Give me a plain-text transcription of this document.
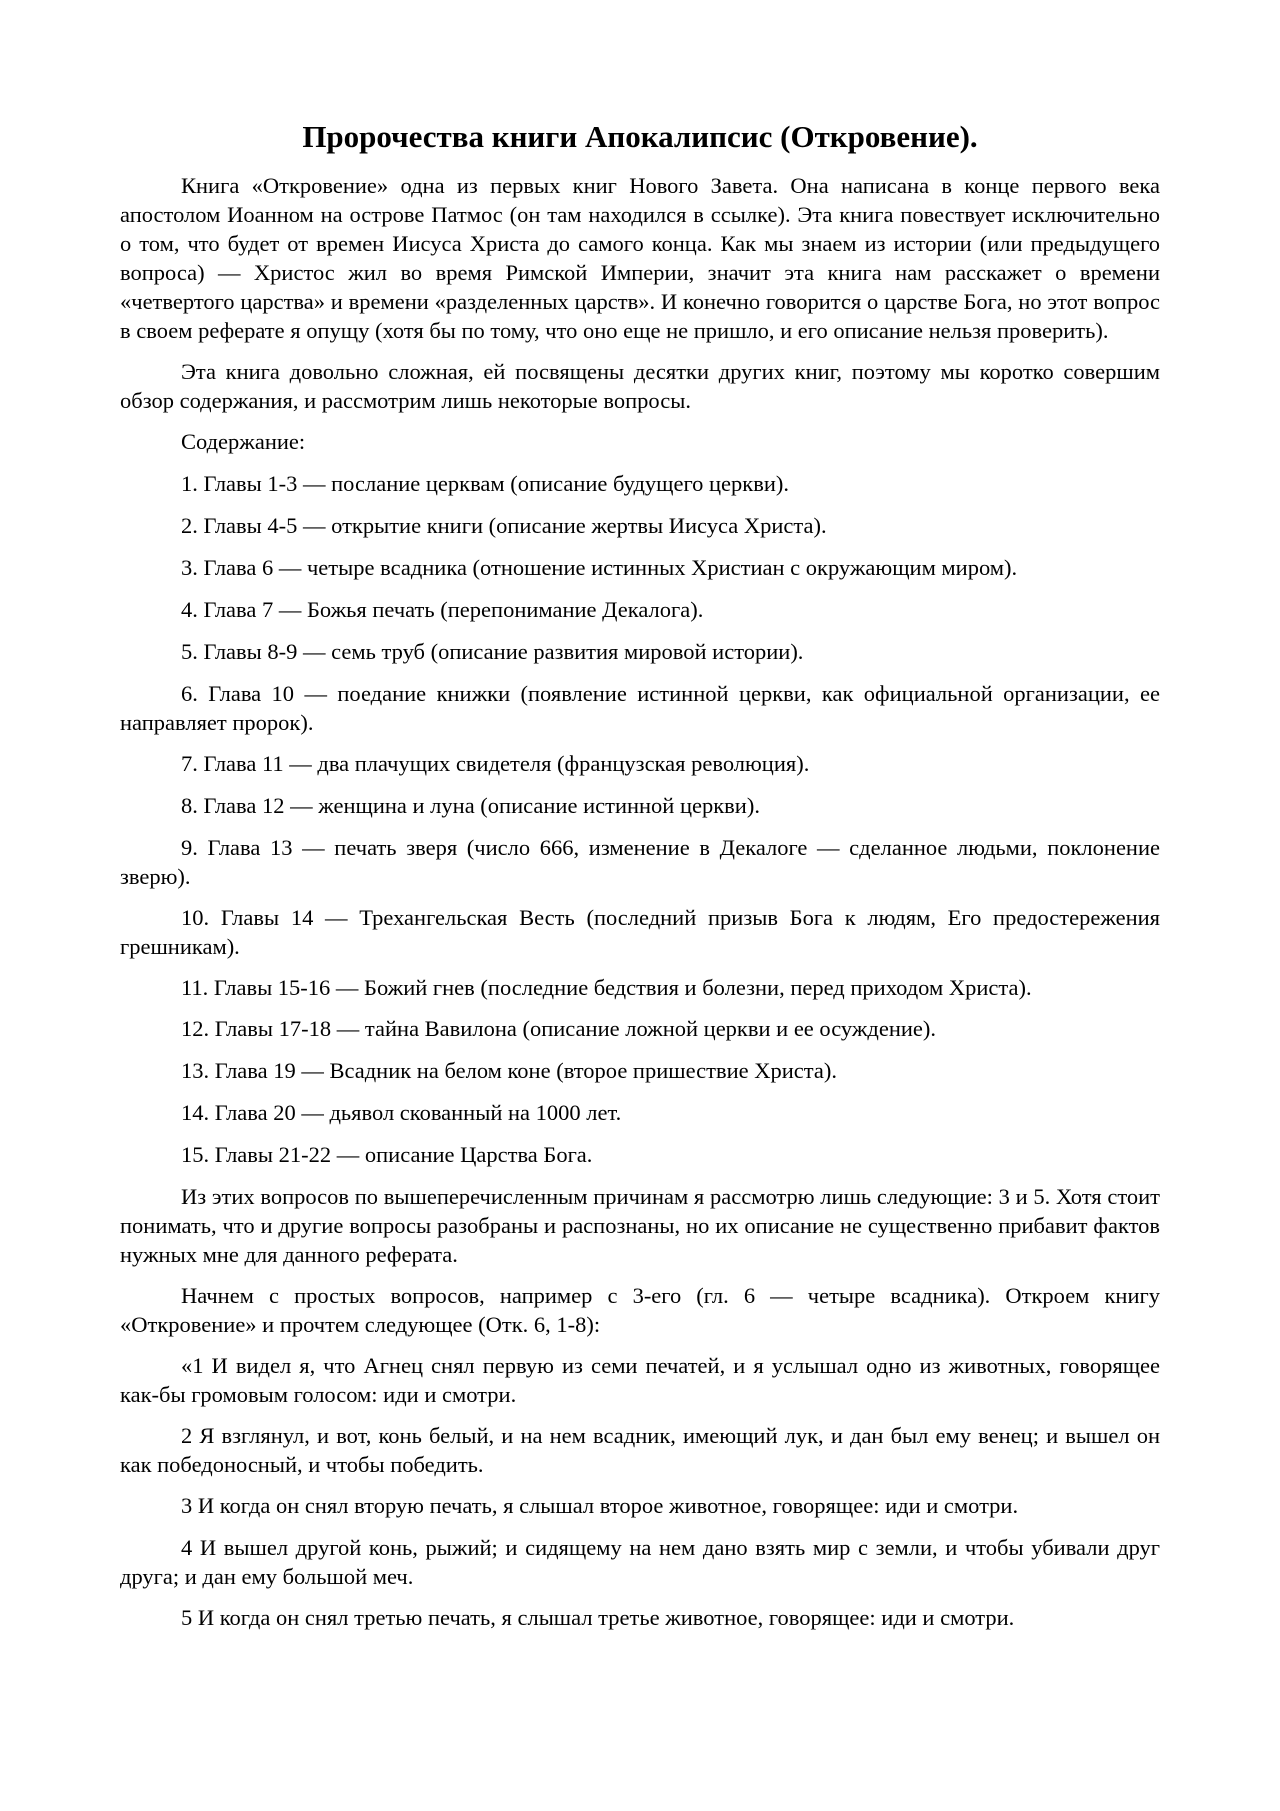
Пророчества книги Апокалипсис (Откровение).

Книга «Откровение» одна из первых книг Нового Завета. Она написана в конце первого века апостолом Иоанном на острове Патмос (он там находился в ссылке). Эта книга повествует исключительно о том, что будет от времен Иисуса Христа до самого конца. Как мы знаем из истории (или предыдущего вопроса) — Христос жил во время Римской Империи, значит эта книга нам расскажет о времени «четвертого царства» и времени «разделенных царств». И конечно говорится о царстве Бога, но этот вопрос в своем реферате я опущу (хотя бы по тому, что оно еще не пришло, и его описание нельзя проверить).

Эта книга довольно сложная, ей посвящены десятки других книг, поэтому мы коротко совершим обзор содержания, и рассмотрим лишь некоторые вопросы.

Содержание:

1. Главы 1-3 — послание церквам (описание будущего церкви).

2. Главы 4-5 — открытие книги (описание жертвы Иисуса Христа).

3. Глава 6 — четыре всадника (отношение истинных Христиан с окружающим миром).

4. Глава 7 — Божья печать (перепонимание Декалога).

5. Главы 8-9 — семь труб (описание развития мировой истории).

6. Глава 10 — поедание книжки (появление истинной церкви, как официальной организации, ее направляет пророк).

7. Глава 11 — два плачущих свидетеля (французская революция).

8. Глава 12 — женщина и луна (описание истинной церкви).

9. Глава 13 — печать зверя (число 666, изменение в Декалоге — сделанное людьми, поклонение зверю).

10. Главы 14 — Трехангельская Весть (последний призыв Бога к людям, Его предостережения грешникам).

11. Главы 15-16 — Божий гнев (последние бедствия и болезни, перед приходом Христа).

12. Главы 17-18 — тайна Вавилона (описание ложной церкви и ее осуждение).

13. Глава 19 — Всадник на белом коне (второе пришествие Христа).

14. Глава 20 — дьявол скованный на 1000 лет.

15. Главы 21-22 — описание Царства Бога.

Из этих вопросов по вышеперечисленным причинам я рассмотрю лишь следующие: 3 и 5. Хотя стоит понимать, что и другие вопросы разобраны и распознаны, но их описание не существенно прибавит фактов нужных мне для данного реферата.

Начнем с простых вопросов, например с 3-его (гл. 6 — четыре всадника). Откроем книгу «Откровение» и прочтем следующее (Отк. 6, 1-8):

«1 И видел я, что Агнец снял первую из семи печатей, и я услышал одно из животных, говорящее как-бы громовым голосом: иди и смотри.

2 Я взглянул, и вот, конь белый, и на нем всадник, имеющий лук, и дан был ему венец; и вышел он как победоносный, и чтобы победить.

3 И когда он снял вторую печать, я слышал второе животное, говорящее: иди и смотри.

4 И вышел другой конь, рыжий; и сидящему на нем дано взять мир с земли, и чтобы убивали друг друга; и дан ему большой меч.

5 И когда он снял третью печать, я слышал третье животное, говорящее: иди и смотри.
